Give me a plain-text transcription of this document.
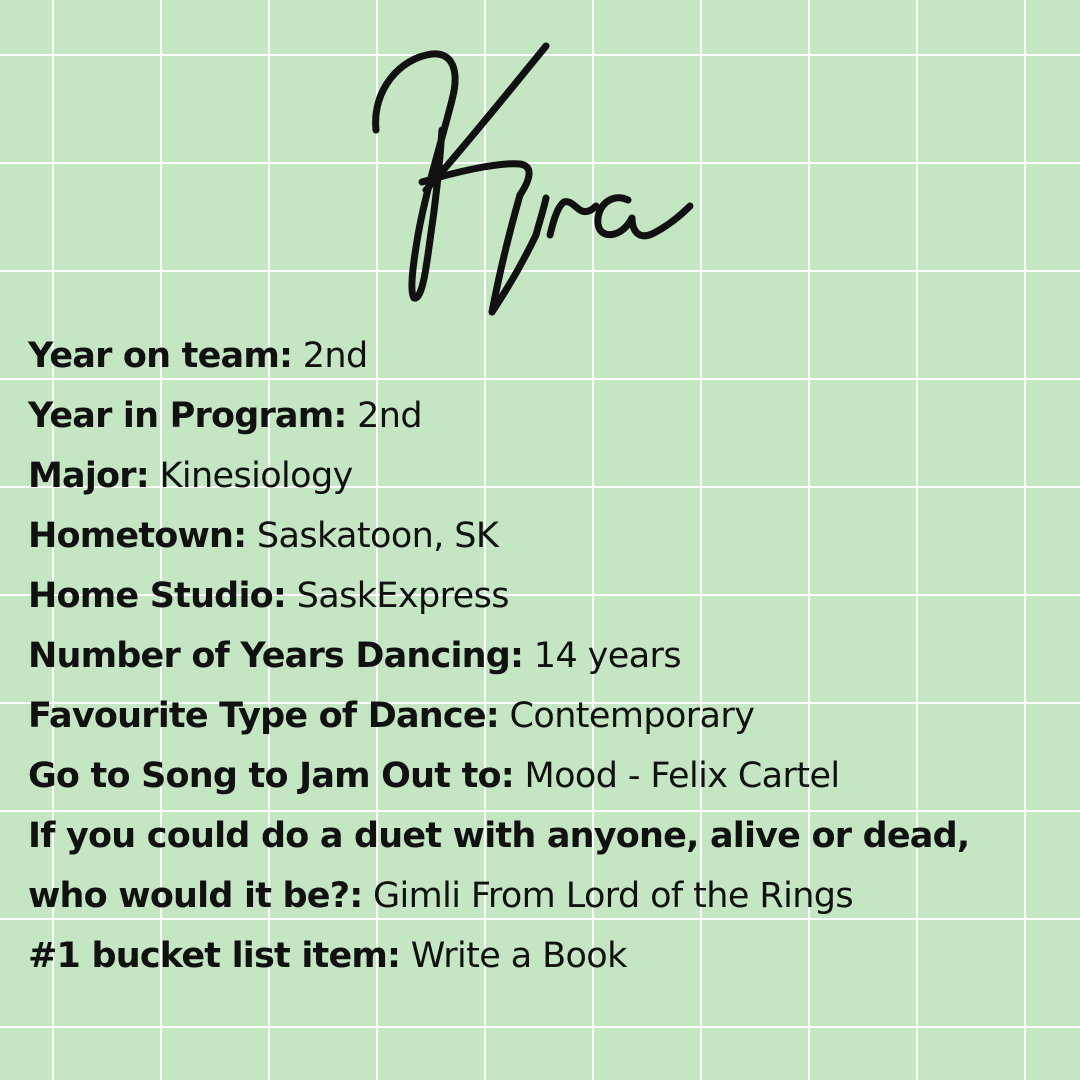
Year on team: 2nd
Year in Program: 2nd
Major: Kinesiology
Hometown: Saskatoon, SK
Home Studio: SaskExpress
Number of Years Dancing: 14 years
Favourite Type of Dance: Contemporary
Go to Song to Jam Out to: Mood - Felix Cartel
If you could do a duet with anyone, alive or dead,
who would it be?: Gimli From Lord of the Rings
#1 bucket list item: Write a Book
